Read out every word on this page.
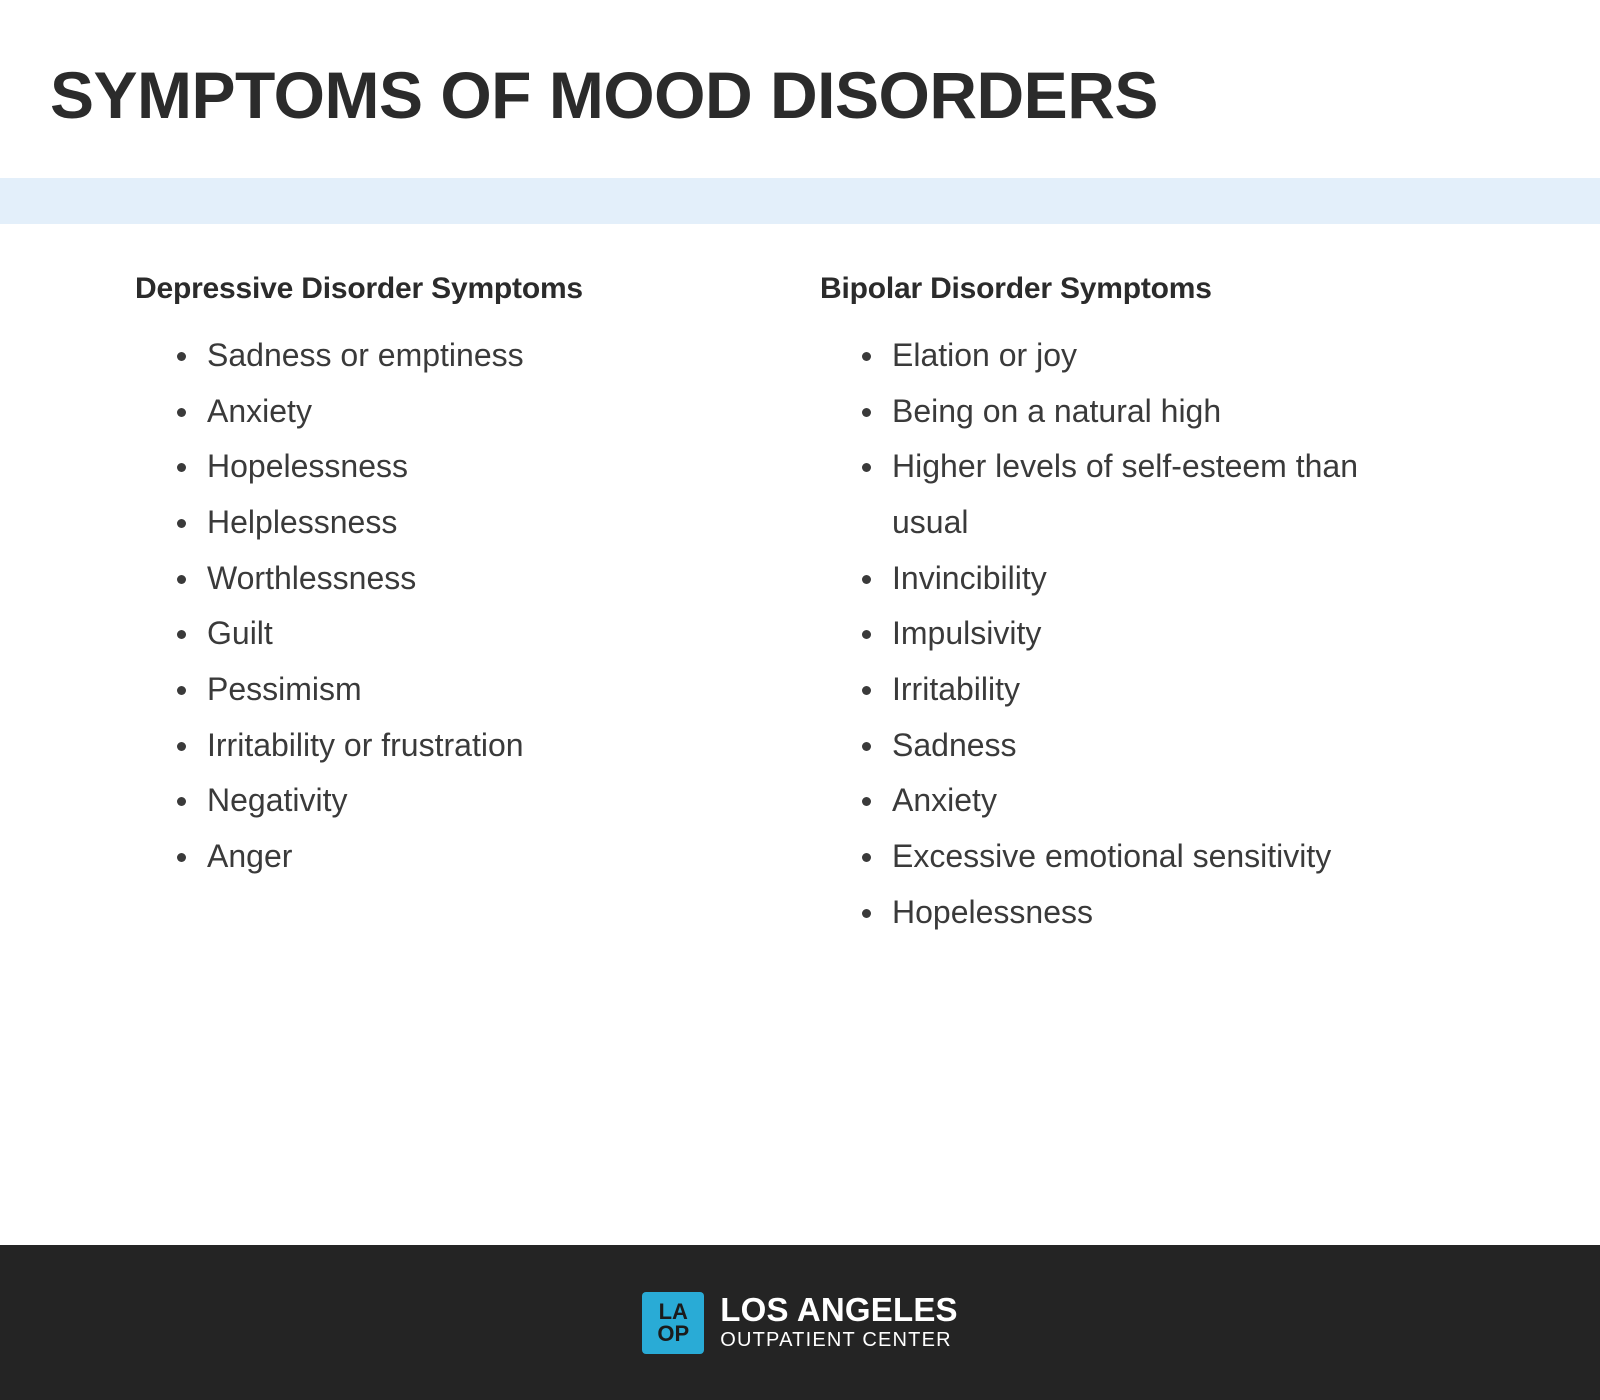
SYMPTOMS OF MOOD DISORDERS
Depressive Disorder Symptoms
Sadness or emptiness
Anxiety
Hopelessness
Helplessness
Worthlessness
Guilt
Pessimism
Irritability or frustration
Negativity
Anger
Bipolar Disorder Symptoms
Elation or joy
Being on a natural high
Higher levels of self-esteem than usual
Invincibility
Impulsivity
Irritability
Sadness
Anxiety
Excessive emotional sensitivity
Hopelessness
LA
OP
LOS ANGELES
OUTPATIENT CENTER
